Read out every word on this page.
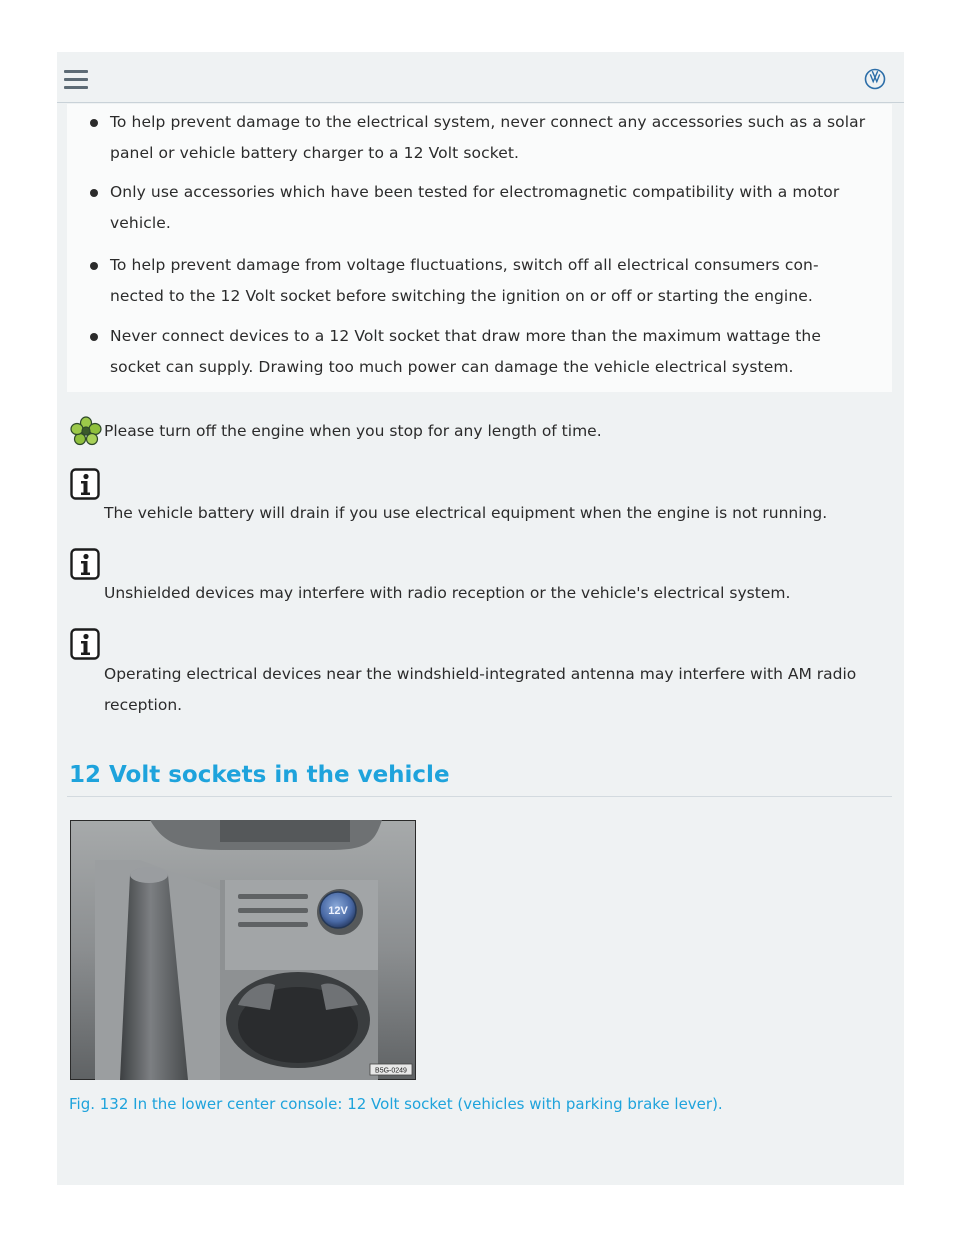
To help prevent damage to the electrical system, never connect any accessories such as a solar
panel or vehicle battery charger to a 12 Volt socket.
Only use accessories which have been tested for electromagnetic compatibility with a motor
vehicle.
To help prevent damage from voltage fluctuations, switch off all electrical consumers con-
nected to the 12 Volt socket before switching the ignition on or off or starting the engine.
Never connect devices to a 12 Volt socket that draw more than the maximum wattage the
socket can supply. Drawing too much power can damage the vehicle electrical system.
Please turn off the engine when you stop for any length of time.
The vehicle battery will drain if you use electrical equipment when the engine is not running.
Unshielded devices may interfere with radio reception or the vehicle's electrical system.
Operating electrical devices near the windshield-integrated antenna may interfere with AM radio
reception.
12 Volt sockets in the vehicle
12V
B5G-0249
Fig. 132 In the lower center console: 12 Volt socket (vehicles with parking brake lever).
